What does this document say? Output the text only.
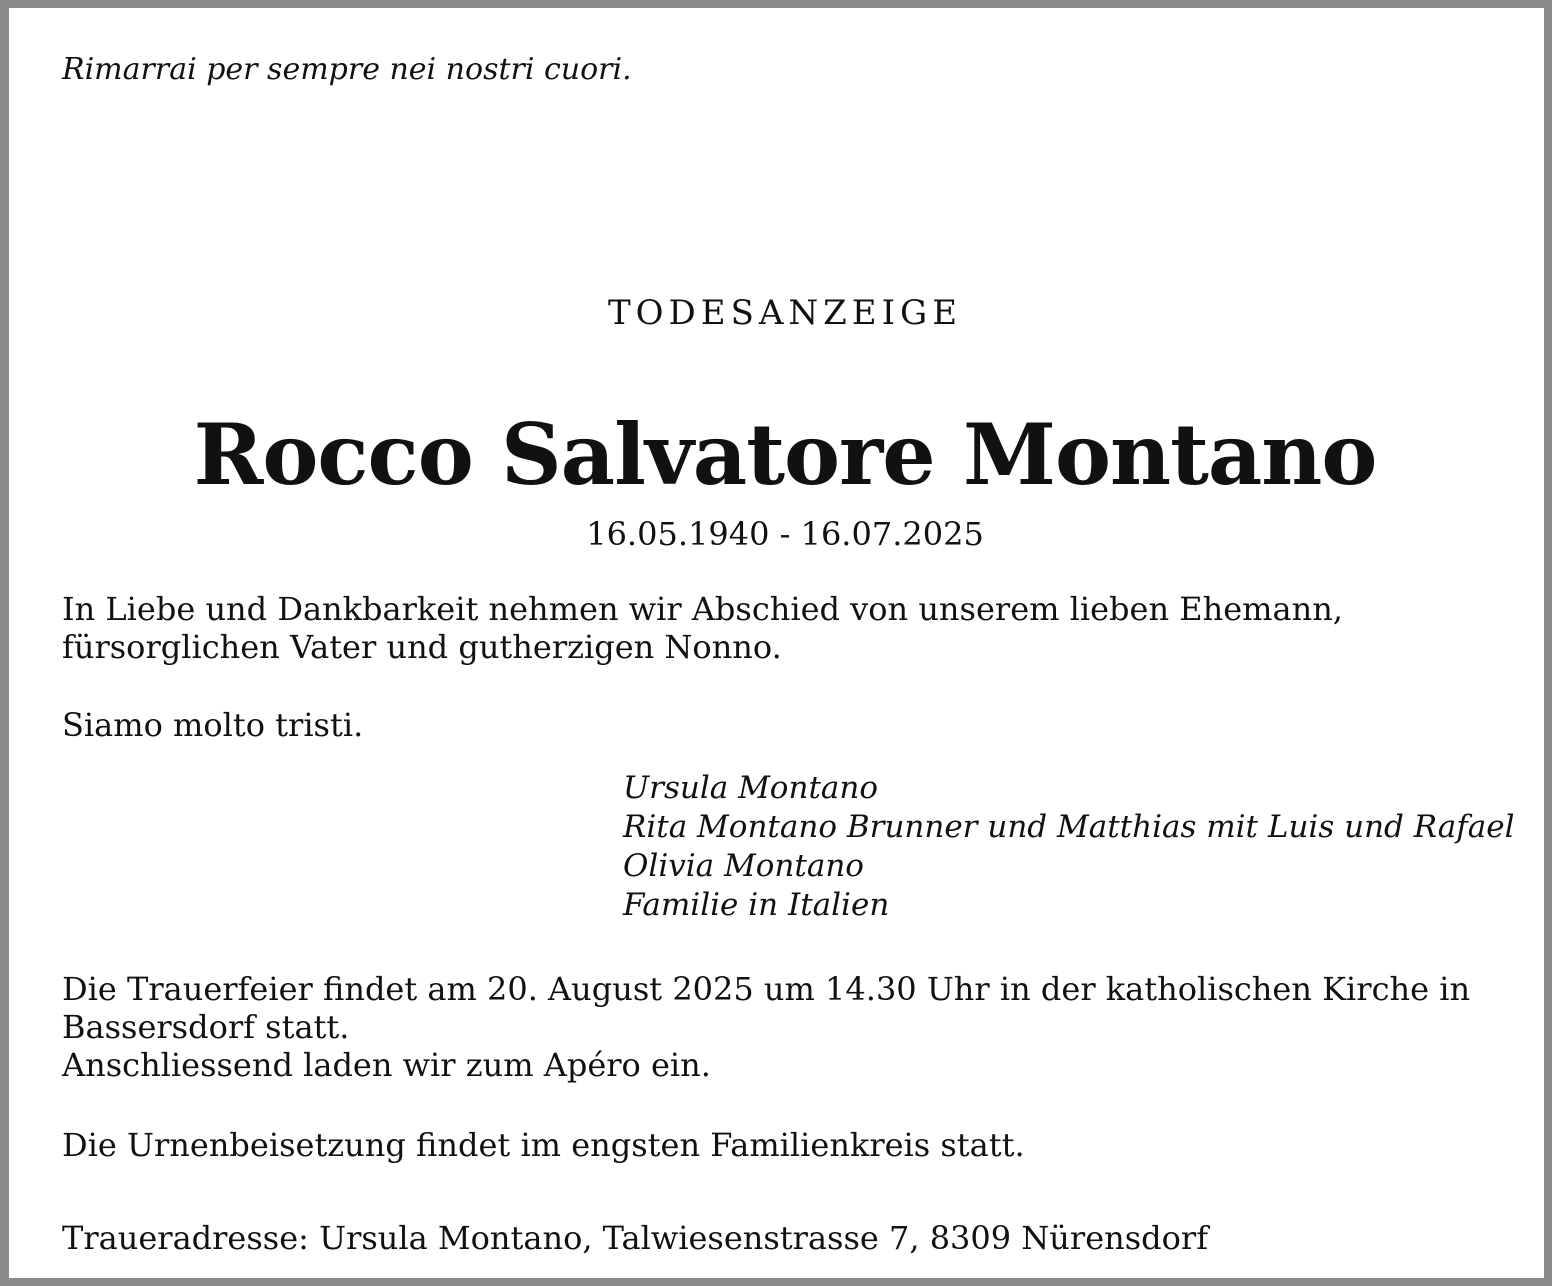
Rimarrai per sempre nei nostri cuori.
TODESANZEIGE
Rocco Salvatore Montano
16.05.1940 - 16.07.2025
In Liebe und Dankbarkeit nehmen wir Abschied von unserem lieben Ehemann,
fürsorglichen Vater und gutherzigen Nonno.
Siamo molto tristi.
Ursula Montano
Rita Montano Brunner und Matthias mit Luis und Rafael
Olivia Montano
Familie in Italien
Die Trauerfeier findet am 20. August 2025 um 14.30 Uhr in der katholischen Kirche in
Bassersdorf statt.
Anschliessend laden wir zum Apéro ein.
Die Urnenbeisetzung findet im engsten Familienkreis statt.
Traueradresse: Ursula Montano, Talwiesenstrasse 7, 8309 Nürensdorf
